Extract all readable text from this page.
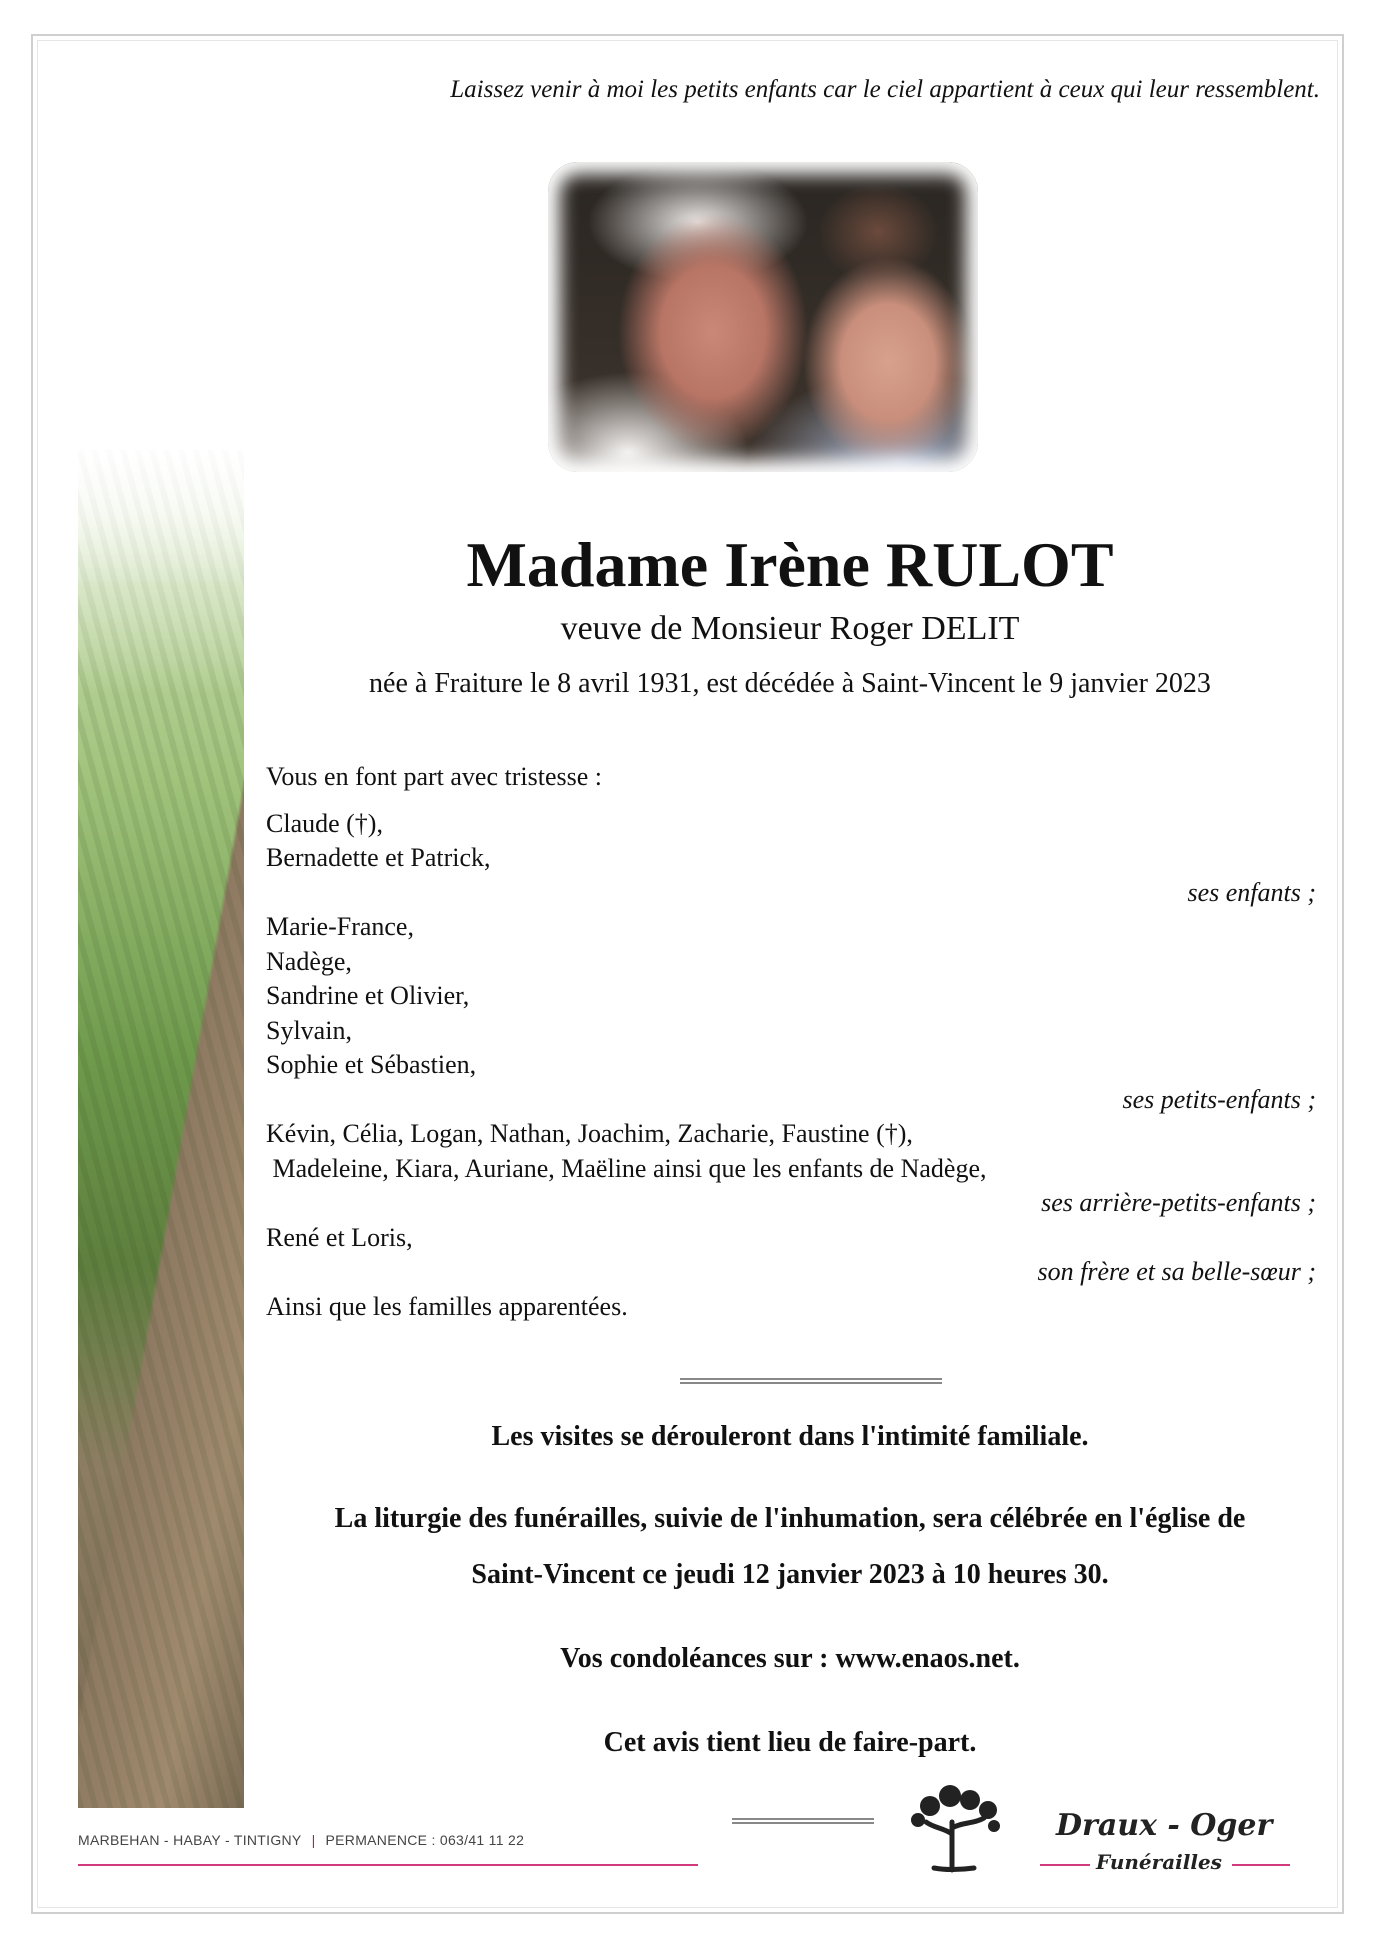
Laissez venir à moi les petits enfants car le ciel appartient à ceux qui leur ressemblent.
Madame Irène RULOT
veuve de Monsieur Roger DELIT
née à Fraiture le 8 avril 1931, est décédée à Saint-Vincent le 9 janvier 2023
Vous en font part avec tristesse :
Claude (†),
Bernadette et Patrick,
ses enfants ;
Marie-France,
Nadège,
Sandrine et Olivier,
Sylvain,
Sophie et Sébastien,
ses petits-enfants ;
Kévin, Célia, Logan, Nathan, Joachim, Zacharie, Faustine (†),
Madeleine, Kiara, Auriane, Maëline ainsi que les enfants de Nadège,
ses arrière-petits-enfants ;
René et Loris,
son frère et sa belle-sœur ;
Ainsi que les familles apparentées.
Les visites se dérouleront dans l'intimité familiale.
La liturgie des funérailles, suivie de l'inhumation, sera célébrée en l'église de
Saint-Vincent ce jeudi 12 janvier 2023 à 10 heures 30.
Vos condoléances sur : www.enaos.net.
Cet avis tient lieu de faire-part.
MARBEHAN - HABAY - TINTIGNY | PERMANENCE : 063/41 11 22	Draux - Oger
Funérailles
